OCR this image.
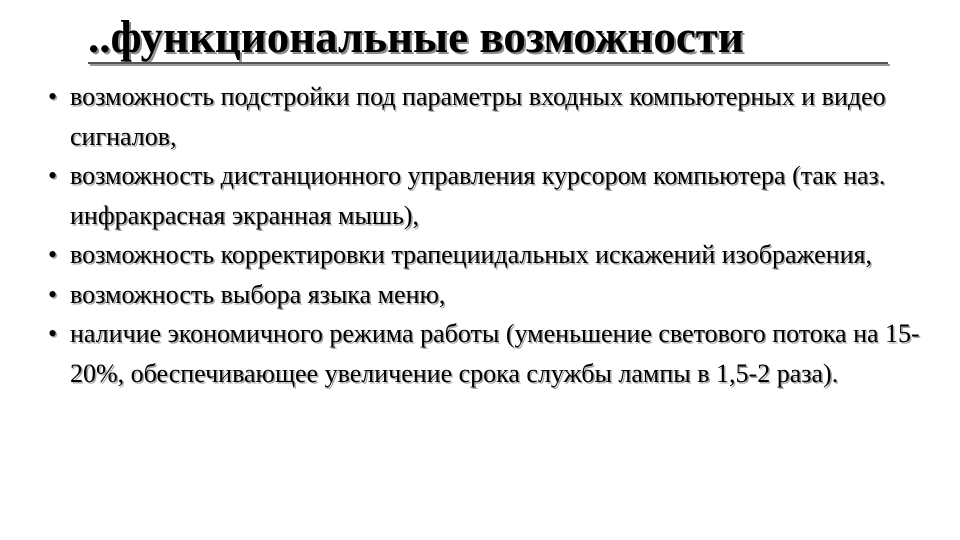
..функциональные возможности
• возможность подстройки под параметры входных компьютерных и видео сигналов,
• возможность дистанционного управления курсором компьютера (так наз. инфракрасная экранная мышь),
• возможность корректировки трапециидальных искажений изображения,
• возможность выбора языка меню,
• наличие экономичного режима работы (уменьшение светового потока на 15-20%, обеспечивающее увеличение срока службы лампы в 1,5-2 раза).
